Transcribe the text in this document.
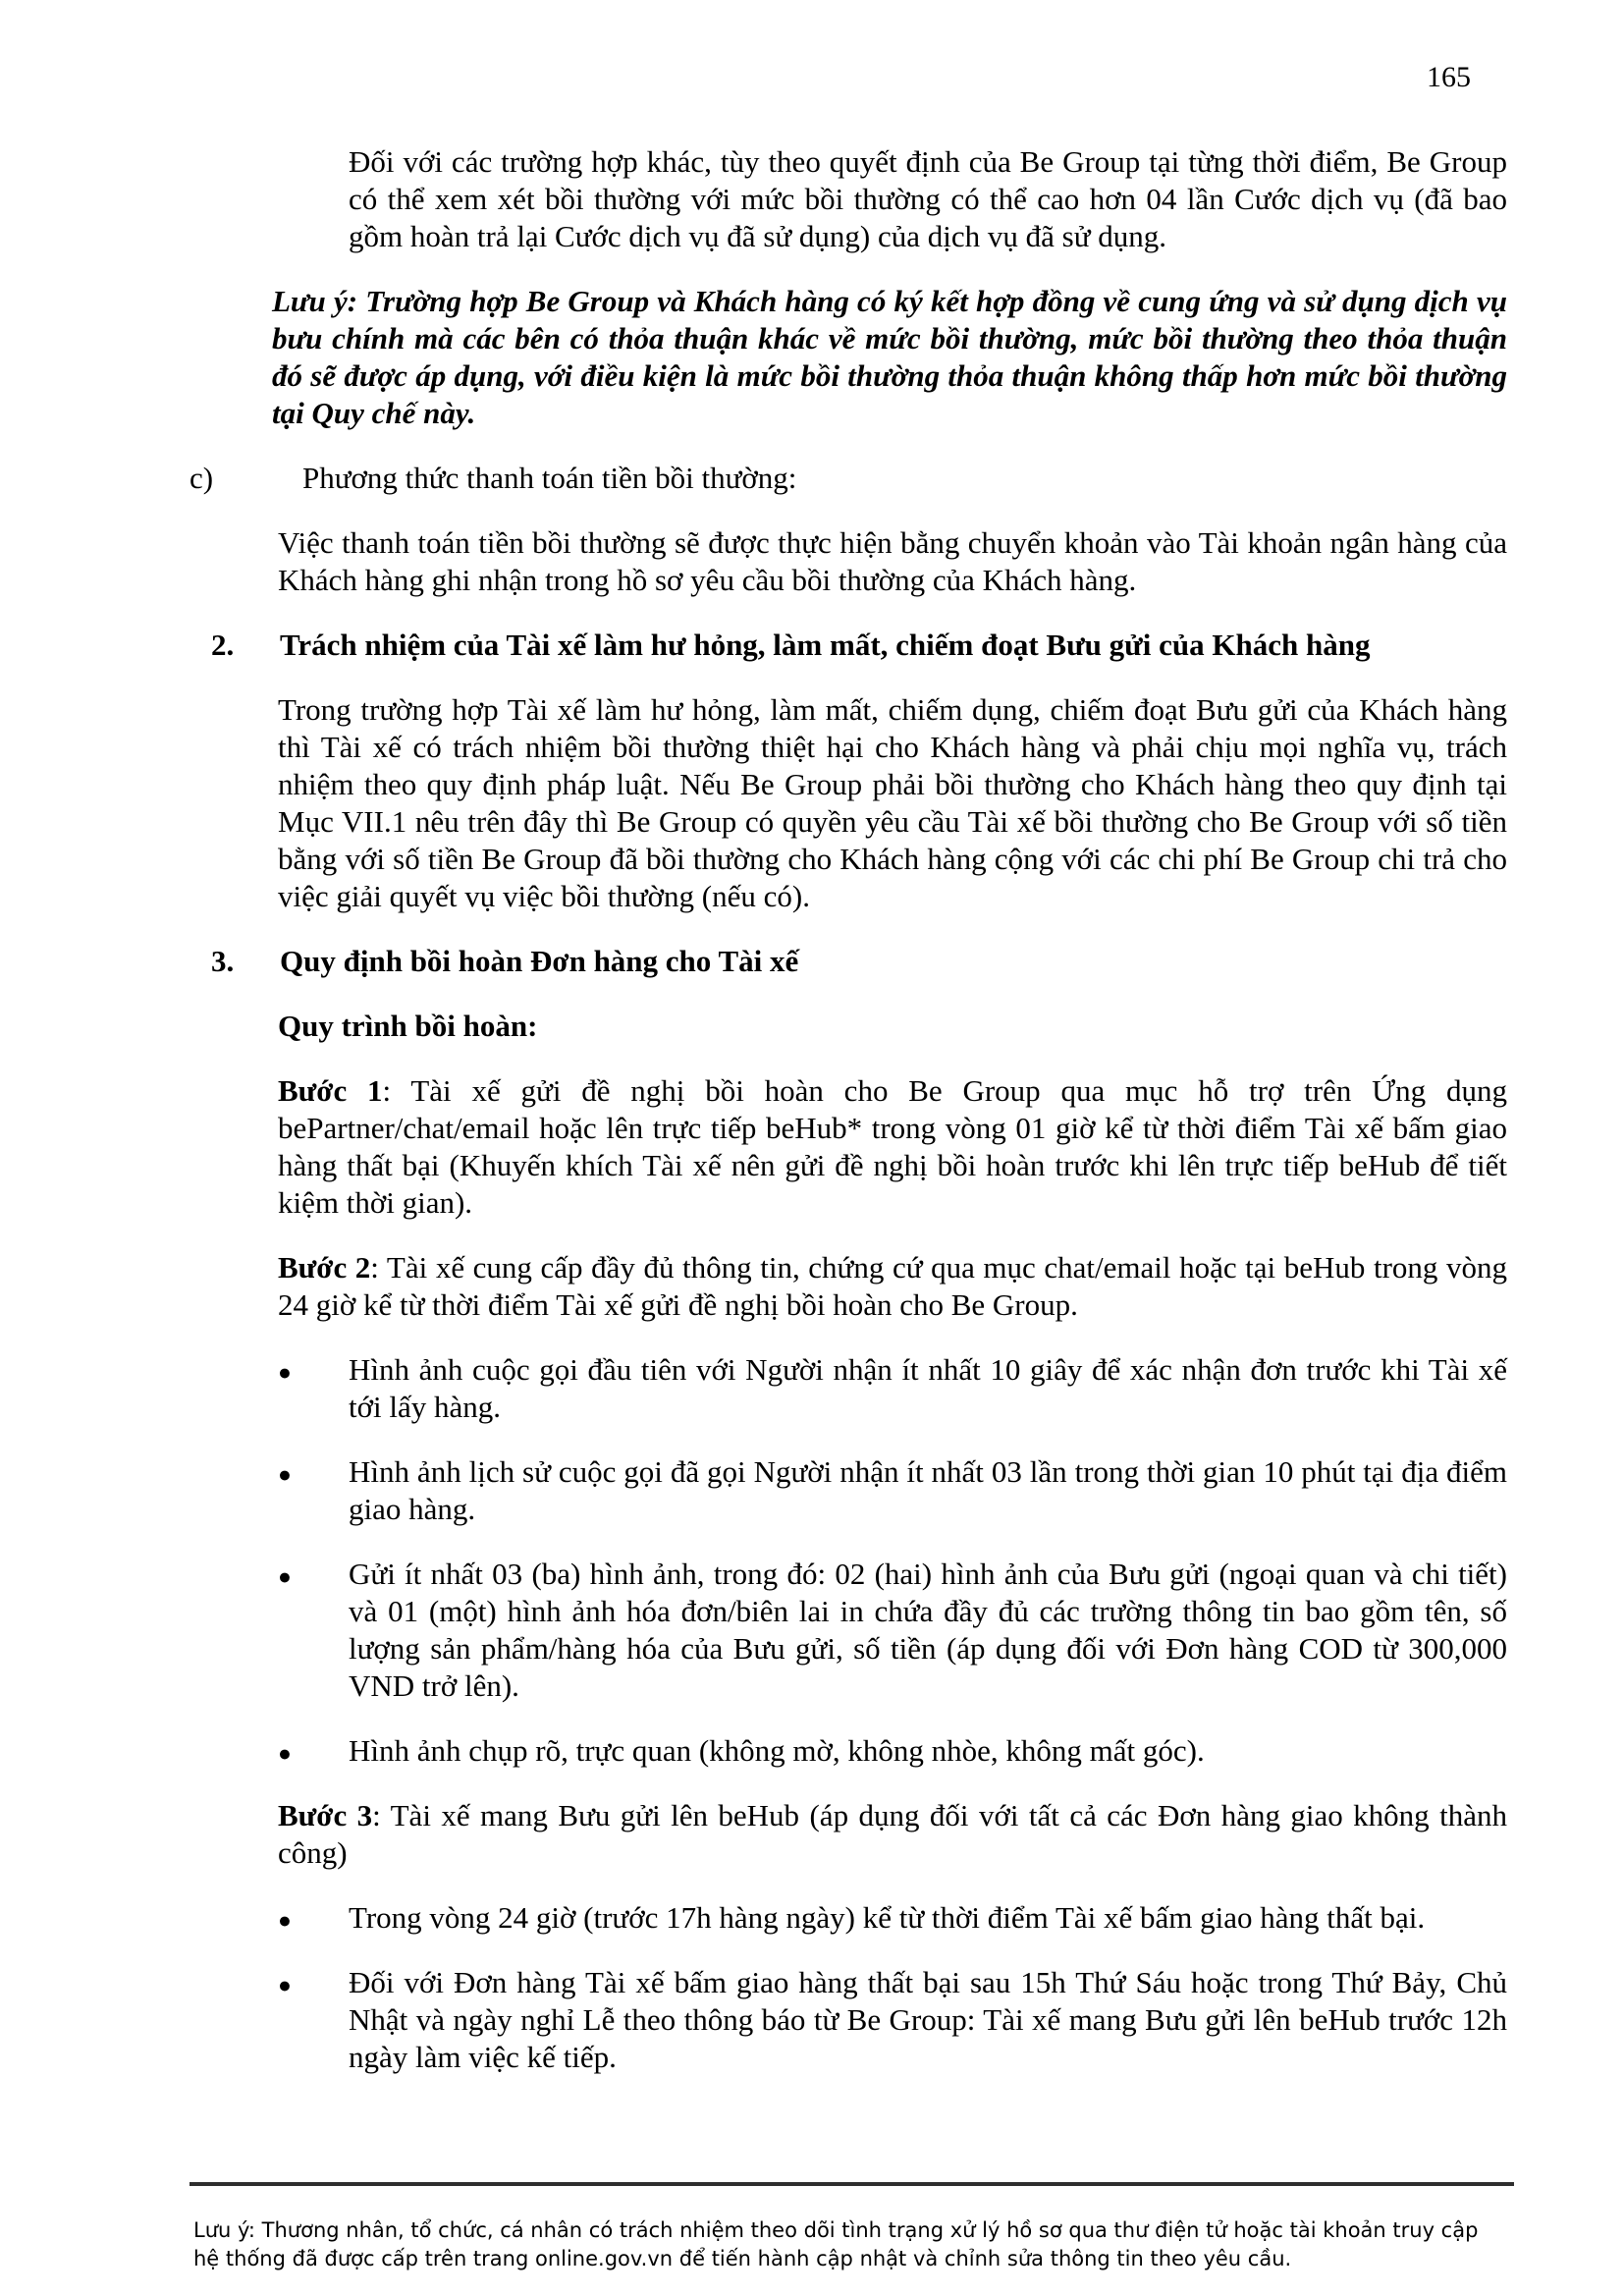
165

Đối với các trường hợp khác, tùy theo quyết định của Be Group tại từng thời điểm, Be Group có thể xem xét bồi thường với mức bồi thường có thể cao hơn 04 lần Cước dịch vụ (đã bao gồm hoàn trả lại Cước dịch vụ đã sử dụng) của dịch vụ đã sử dụng.

Lưu ý: Trường hợp Be Group và Khách hàng có ký kết hợp đồng về cung ứng và sử dụng dịch vụ bưu chính mà các bên có thỏa thuận khác về mức bồi thường, mức bồi thường theo thỏa thuận đó sẽ được áp dụng, với điều kiện là mức bồi thường thỏa thuận không thấp hơn mức bồi thường tại Quy chế này.

c)	Phương thức thanh toán tiền bồi thường:

Việc thanh toán tiền bồi thường sẽ được thực hiện bằng chuyển khoản vào Tài khoản ngân hàng của Khách hàng ghi nhận trong hồ sơ yêu cầu bồi thường của Khách hàng.

2. Trách nhiệm của Tài xế làm hư hỏng, làm mất, chiếm đoạt Bưu gửi của Khách hàng

Trong trường hợp Tài xế làm hư hỏng, làm mất, chiếm dụng, chiếm đoạt Bưu gửi của Khách hàng thì Tài xế có trách nhiệm bồi thường thiệt hại cho Khách hàng và phải chịu mọi nghĩa vụ, trách nhiệm theo quy định pháp luật. Nếu Be Group phải bồi thường cho Khách hàng theo quy định tại Mục VII.1 nêu trên đây thì Be Group có quyền yêu cầu Tài xế bồi thường cho Be Group với số tiền bằng với số tiền Be Group đã bồi thường cho Khách hàng cộng với các chi phí Be Group chi trả cho việc giải quyết vụ việc bồi thường (nếu có).

3. Quy định bồi hoàn Đơn hàng cho Tài xế

Quy trình bồi hoàn:

Bước 1: Tài xế gửi đề nghị bồi hoàn cho Be Group qua mục hỗ trợ trên Ứng dụng bePartner/chat/email hoặc lên trực tiếp beHub* trong vòng 01 giờ kể từ thời điểm Tài xế bấm giao hàng thất bại (Khuyến khích Tài xế nên gửi đề nghị bồi hoàn trước khi lên trực tiếp beHub để tiết kiệm thời gian).

Bước 2: Tài xế cung cấp đầy đủ thông tin, chứng cứ qua mục chat/email hoặc tại beHub trong vòng 24 giờ kể từ thời điểm Tài xế gửi đề nghị bồi hoàn cho Be Group.

● Hình ảnh cuộc gọi đầu tiên với Người nhận ít nhất 10 giây để xác nhận đơn trước khi Tài xế tới lấy hàng.
● Hình ảnh lịch sử cuộc gọi đã gọi Người nhận ít nhất 03 lần trong thời gian 10 phút tại địa điểm giao hàng.
● Gửi ít nhất 03 (ba) hình ảnh, trong đó: 02 (hai) hình ảnh của Bưu gửi (ngoại quan và chi tiết) và 01 (một) hình ảnh hóa đơn/biên lai in chứa đầy đủ các trường thông tin bao gồm tên, số lượng sản phẩm/hàng hóa của Bưu gửi, số tiền (áp dụng đối với Đơn hàng COD từ 300,000 VND trở lên).
● Hình ảnh chụp rõ, trực quan (không mờ, không nhòe, không mất góc).

Bước 3: Tài xế mang Bưu gửi lên beHub (áp dụng đối với tất cả các Đơn hàng giao không thành công)

● Trong vòng 24 giờ (trước 17h hàng ngày) kể từ thời điểm Tài xế bấm giao hàng thất bại.
● Đối với Đơn hàng Tài xế bấm giao hàng thất bại sau 15h Thứ Sáu hoặc trong Thứ Bảy, Chủ Nhật và ngày nghỉ Lễ theo thông báo từ Be Group: Tài xế mang Bưu gửi lên beHub trước 12h ngày làm việc kế tiếp.

Lưu ý: Thương nhân, tổ chức, cá nhân có trách nhiệm theo dõi tình trạng xử lý hồ sơ qua thư điện tử hoặc tài khoản truy cập hệ thống đã được cấp trên trang online.gov.vn để tiến hành cập nhật và chỉnh sửa thông tin theo yêu cầu.
